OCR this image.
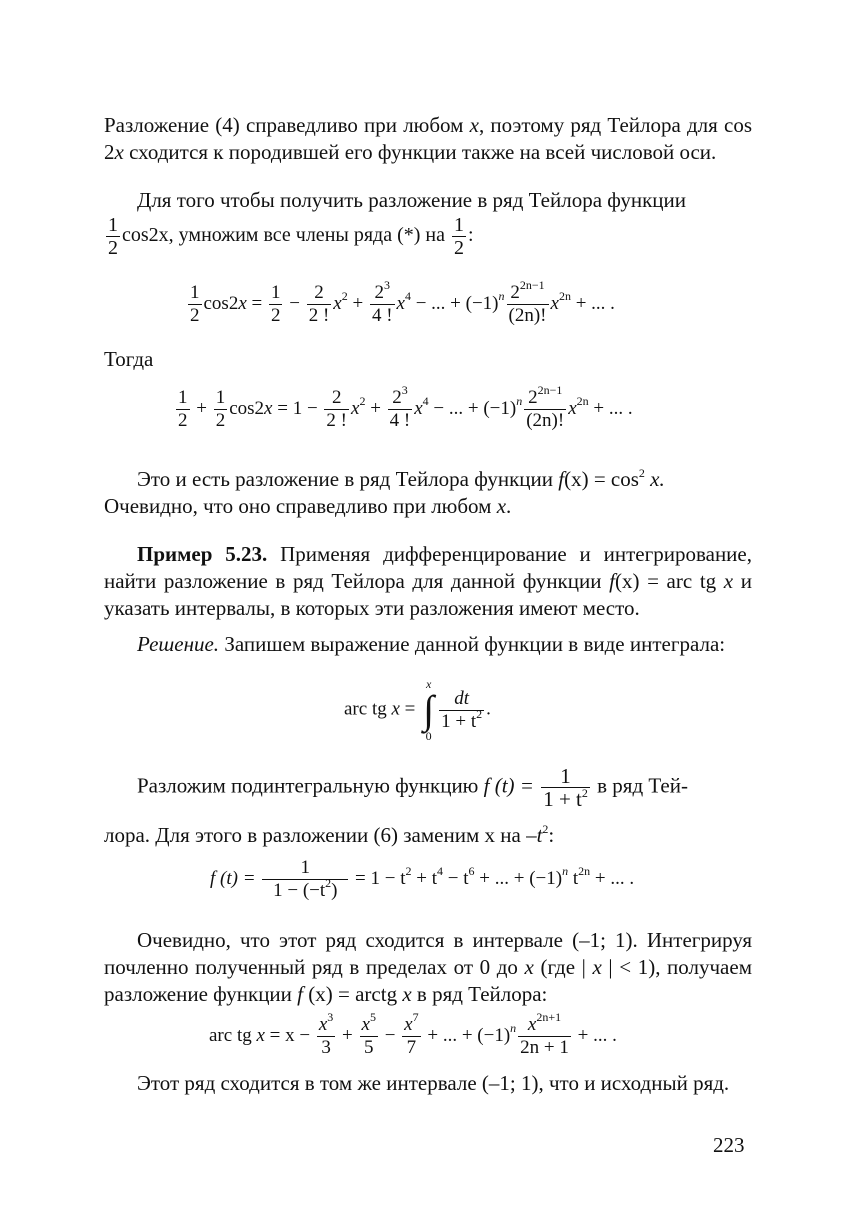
Разложение (4) справедливо при любом x, поэтому ряд Тейлора для cos 2x сходится к породившей его функции также на всей числовой оси.

Для того чтобы получить разложение в ряд Тейлора функции

$\frac{1}{2} \cos 2x$, умножим все члены ряда (*) на $\frac{1}{2}$ :
$\frac{1}{2} \cos 2x = \frac{1}{2} - \frac{2}{2 !} x^2 + \frac{2^3}{4 !} x^4$ − ... + $(-1)^n \frac{2^{2n-1}}{(2n)!} x^{2n}$ + ... .

Тогда

$\frac{1}{2} + \frac{1}{2} \cos 2x = 1 - \frac{2}{2 !} x^2 + \frac{2^3}{4 !} x^4$ − ... + $(-1)^n \frac{2^{2n-1}}{(2n)!} x^{2n}$ + ... .

Это и есть разложение в ряд Тейлора функции $f(x) = \cos^2 x$.
Очевидно, что оно справедливо при любом x.

Пример 5.23. Применяя дифференцирование и интегрирование, найти разложение в ряд Тейлора для данной функции f(x) = arc tg x и указать интервалы, в которых эти разложения имеют место.

Решение. Запишем выражение данной функции в виде интеграла:

arc tg x = x
∫
0
$\frac{dt}{1 + t^2}$ .
Разложим подинтегральную функцию f $(t) = \frac{1}{1 + t^2}$ в ряд Тей-

лора. Для этого в разложении (6) заменим x на $-t^2$:

f $(t) = \frac{1}{1 - (-t^2)} = 1 - t^2 + t^4 - t^6$ + ... + $(-1)^n$ $t^{2n}$ + ... .

Очевидно, что этот ряд сходится в интервале (–1; 1). Интегрируя почленно полученный ряд в пределах от 0 до x (где | x | < 1), получаем разложение функции f (x) = arctg x в ряд Тейлора:

arc tg $x = x - \frac{x^3}{3} + \frac{x^5}{5} - \frac{x^7}{7}$ + ... + $(-1)^n \frac{x^{2n+1}}{2n + 1}$ + ... .

Этот ряд сходится в том же интервале (–1; 1), что и исходный ряд.

223
